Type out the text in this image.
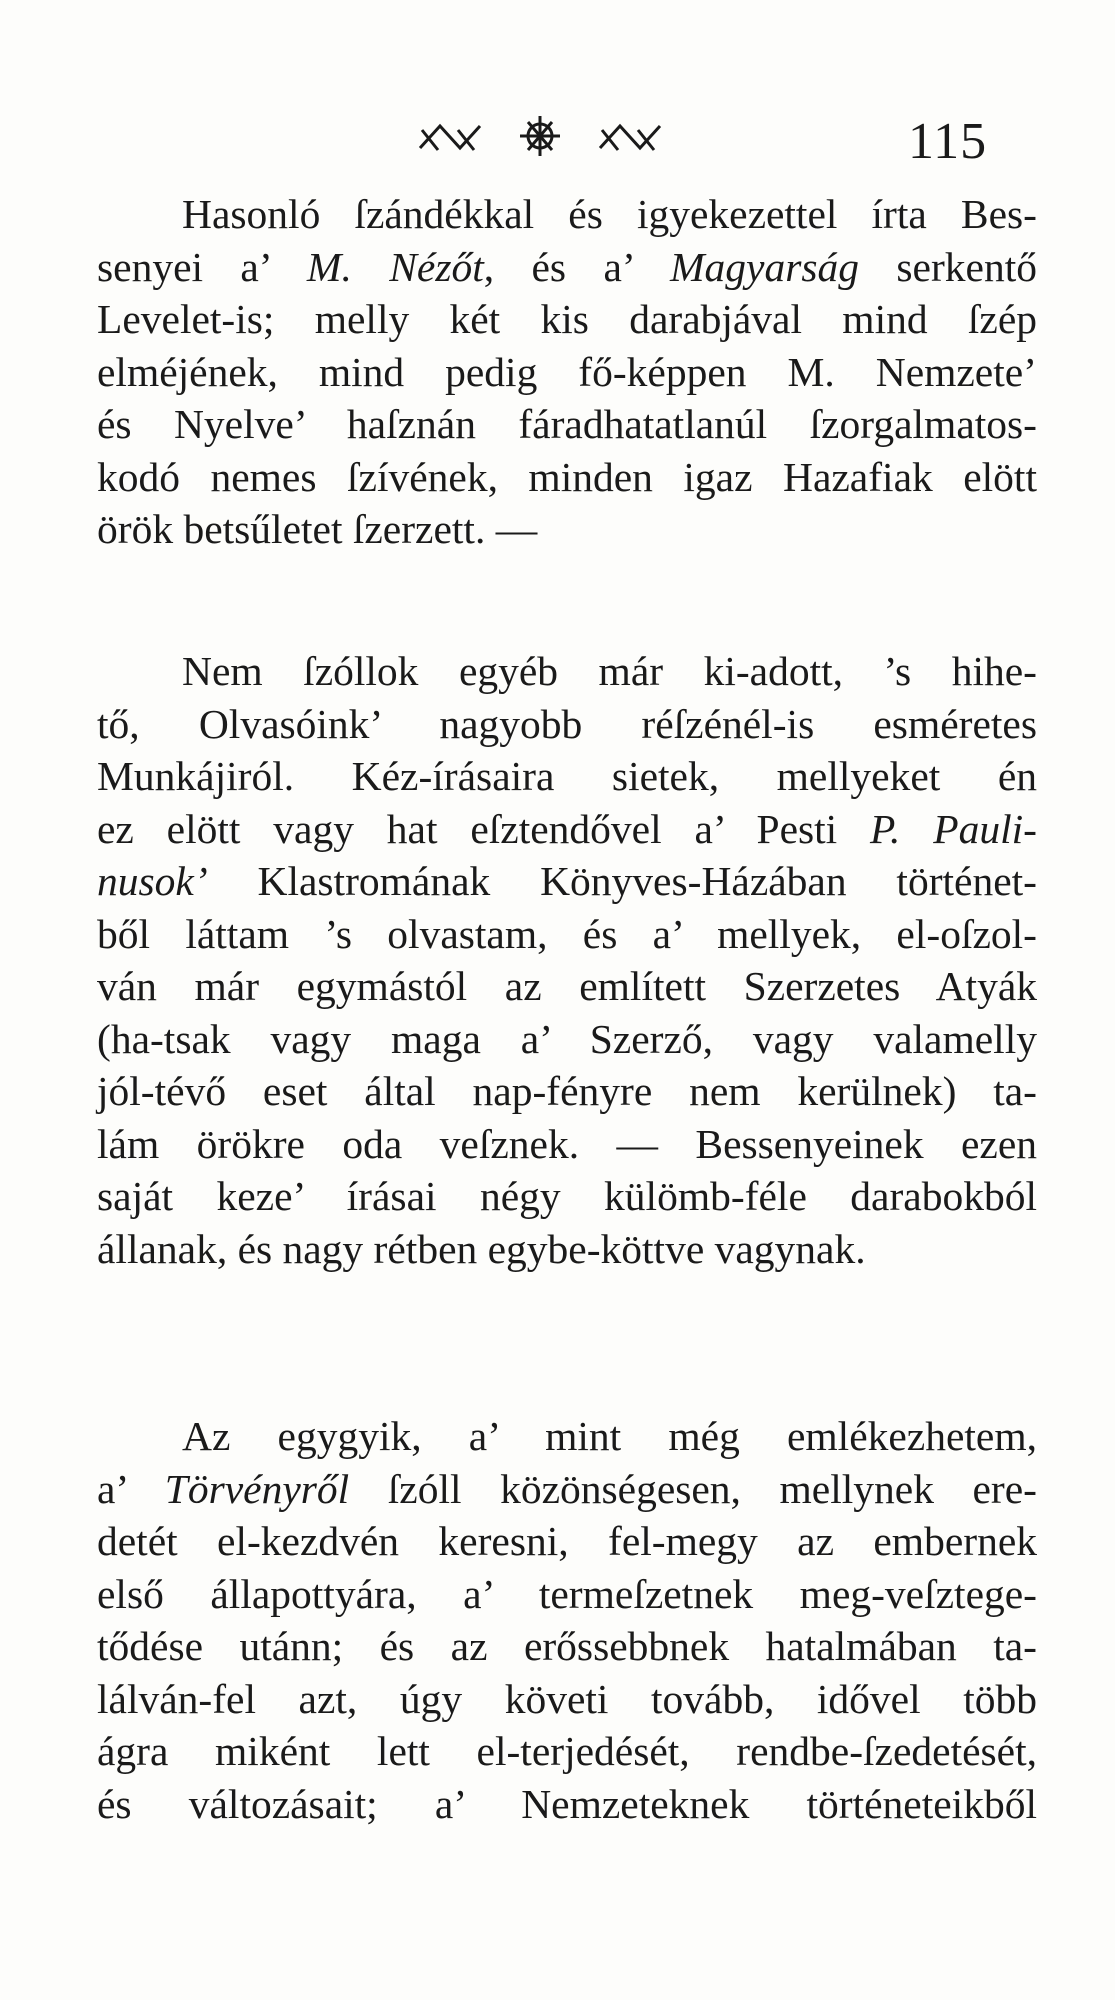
115
Hasonló ſzándékkal és igyekezettel írta Bes-
senyei a’ M. Nézőt, és a’ Magyarság serkentő
Levelet-is; melly két kis darabjával mind ſzép
elméjének, mind pedig fő-képpen M. Nemzete’
és Nyelve’ haſznán fáradhatatlanúl ſzorgalmatos-
kodó nemes ſzívének, minden igaz Hazafiak elött
örök betsűletet ſzerzett. —
Nem ſzóllok egyéb már ki-adott, ’s hihe-
tő, Olvasóink’ nagyobb réſzénél-is esméretes
Munkájiról. Kéz-írásaira sietek, mellyeket én
ez elött vagy hat eſztendővel a’ Pesti P. Pauli-
nusok’ Klastromának Könyves-Házában történet-
ből láttam ’s olvastam, és a’ mellyek, el-oſzol-
ván már egymástól az említett Szerzetes Atyák
(ha-tsak vagy maga a’ Szerző, vagy valamelly
jól-tévő eset által nap-fényre nem kerülnek) ta-
lám örökre oda veſznek. — Bessenyeinek ezen
saját keze’ írásai négy külömb-féle darabokból
állanak, és nagy rétben egybe-köttve vagynak.
Az egygyik, a’ mint még emlékezhetem,
a’ Törvényről ſzóll közönségesen, mellynek ere-
detét el-kezdvén keresni, fel-megy az embernek
első állapottyára, a’ termeſzetnek meg-veſztege-
tődése utánn; és az erőssebbnek hatalmában ta-
lálván-fel azt, úgy követi tovább, idővel több
ágra miként lett el-terjedését, rendbe-ſzedetését,
és változásait; a’ Nemzeteknek történeteikből
